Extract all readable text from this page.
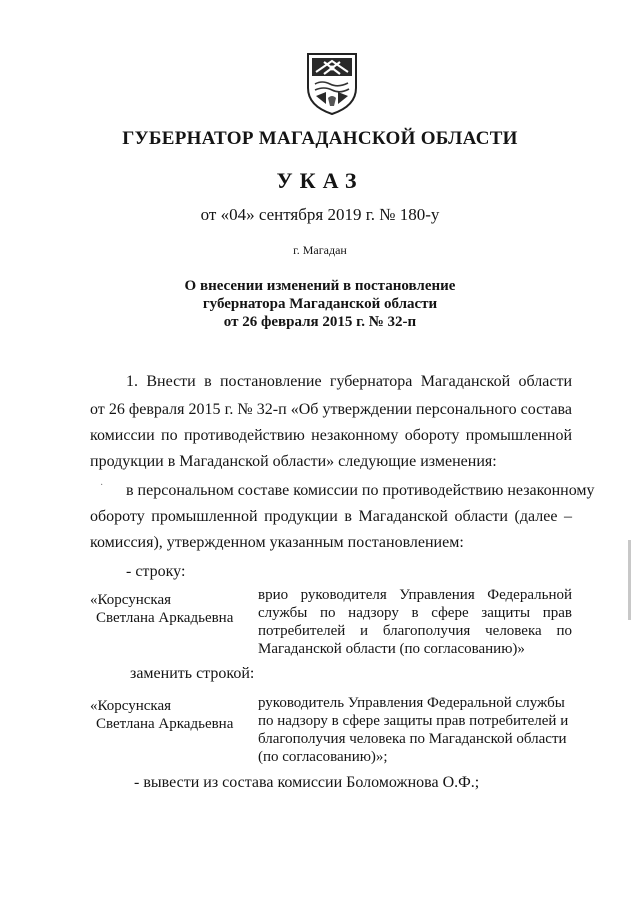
ГУБЕРНАТОР МАГАДАНСКОЙ ОБЛАСТИ
УКАЗ
от «04» сентября 2019 г. № 180-у
г. Магадан
О внесении изменений в постановление
губернатора Магаданской области
от 26 февраля 2015 г. № 32-п
1. Внести в постановление губернатора Магаданской области
от 26 февраля 2015 г. № 32-п «Об утверждении персонального состава
комиссии по противодействию незаконному обороту промышленной
продукции в Магаданской области» следующие изменения:
в персональном составе комиссии по противодействию незаконному
обороту промышленной продукции в Магаданской области (далее –
комиссия), утвержденном указанным постановлением:
- строку:
«Корсунская
Светлана Аркадьевна
врио руководителя Управления Федеральной
службы по надзору в сфере защиты прав
потребителей и благополучия человека по
Магаданской области (по согласованию)»
заменить строкой:
«Корсунская
Светлана Аркадьевна
руководитель Управления Федеральной службы
по надзору в сфере защиты прав потребителей и
благополучия человека по Магаданской области
(по согласованию)»;
- вывести из состава комиссии Боломожнова О.Ф.;
·
